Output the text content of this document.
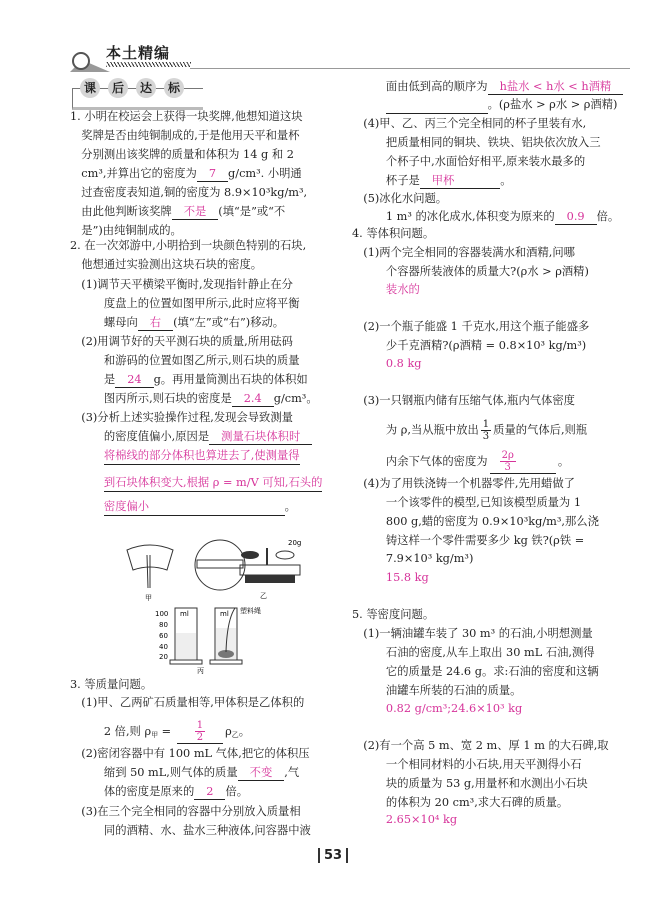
本土精编
课	后	达	标
1. 小明在校运会上获得一块奖牌,他想知道这块
　奖牌是否由纯铜制成的,于是他用天平和量杯
　分别测出该奖牌的质量和体积为 14 g 和 2
　cm³,并算出它的密度为 7 g/cm³. 小明通
　过查密度表知道,铜的密度为 8.9×10³kg/m³,
　由此他判断该奖牌 不是 (填“是”或“不
　是”)由纯铜制成的。
2. 在一次郊游中,小明拾到一块颜色特别的石块,
　他想通过实验测出这块石块的密度。
　(1)调节天平横梁平衡时,发现指针静止在分
　　　度盘上的位置如图甲所示,此时应将平衡
　　　螺母向 右 (填“左”或“右”)移动。
　(2)用调节好的天平测石块的质量,所用砝码
　　　和游码的位置如图乙所示,则石块的质量
　　　是 24 g。再用量筒测出石块的体积如
　　　图丙所示,则石块的密度是 2.4 g/cm³。
　(3)分析上述实验操作过程,发现会导致测量
　　　的密度值偏小,原因是 测量石块体积时
　　　将棉线的部分体积也算进去了,使测量得
　　　到石块体积变大,根据 ρ = m/V 可知,石头的
　　　密度偏小　　　　　　　　　　　　。
3. 等质量问题。
　(1)甲、乙两矿石质量相等,甲体积是乙体积的
　　　2 倍,则 $\rho_甲 = \frac{1}{2} \rho_乙$。
　(2)密闭容器中有 100 mL 气体,把它的体积压
　　　缩到 50 mL,则气体的质量 不变 ,气
　　　体的密度是原来的 2 倍。
　(3)在三个完全相同的容器中分别放入质量相
　　　同的酒精、水、盐水三种液体,问容器中液
　　　面由低到高的顺序为 h盐水 < h水 < h酒精
　　　　　　　　　　　　。(ρ盐水 > ρ水 > ρ酒精)
　(4)甲、乙、丙三个完全相同的杯子里装有水,
　　　把质量相同的铜块、铁块、铝块依次放入三
　　　个杯子中,水面恰好相平,原来装水最多的
　　　杯子是 甲杯　　　。
　(5)冰化水问题。
　　　1 m³ 的冰化成水,体积变为原来的 0.9 倍。
4. 等体积问题。
　(1)两个完全相同的容器装满水和酒精,问哪
　　　个容器所装液体的质量大?(ρ水 > ρ酒精)
　　　装水的
　(2)一个瓶子能盛 1 千克水,用这个瓶子能盛多
　　　少千克酒精?(ρ酒精 = 0.8×10³ kg/m³)
　　　0.8 kg
　(3)一只钢瓶内储有压缩气体,瓶内气体密度
　　　为 ρ,当从瓶中放出 $\frac{1}{3}$ 质量的气体后,则瓶
　　　内余下气体的密度为 $\frac{2\rho}{3}$ 。
　(4)为了用铁浇铸一个机器零件,先用蜡做了
　　　一个该零件的模型,已知该模型质量为 1
　　　800 g,蜡的密度为 0.9×10³kg/m³,那么浇
　　　铸这样一个零件需要多少 kg 铁?(ρ铁 =
　　　7.9×10³ kg/m³)
　　　15.8 kg
5. 等密度问题。
　(1)一辆油罐车装了 30 m³ 的石油,小明想测量
　　　石油的密度,从车上取出 30 mL 石油,测得
　　　它的质量是 24.6 g。求:石油的密度和这辆
　　　油罐车所装的石油的质量。
　　　0.82 g/cm³;24.6×10³ kg
　(2)有一个高 5 m、宽 2 m、厚 1 m 的大石碑,取
　　　一个相同材料的小石块,用天平测得小石
　　　块的质量为 53 g,用量杯和水测出小石块
　　　的体积为 20 cm³,求大石碑的质量。
　　　2.65×10⁴ kg
甲
20g
乙
ml	ml
100
80
60
40
20
塑料绳
丙
53
